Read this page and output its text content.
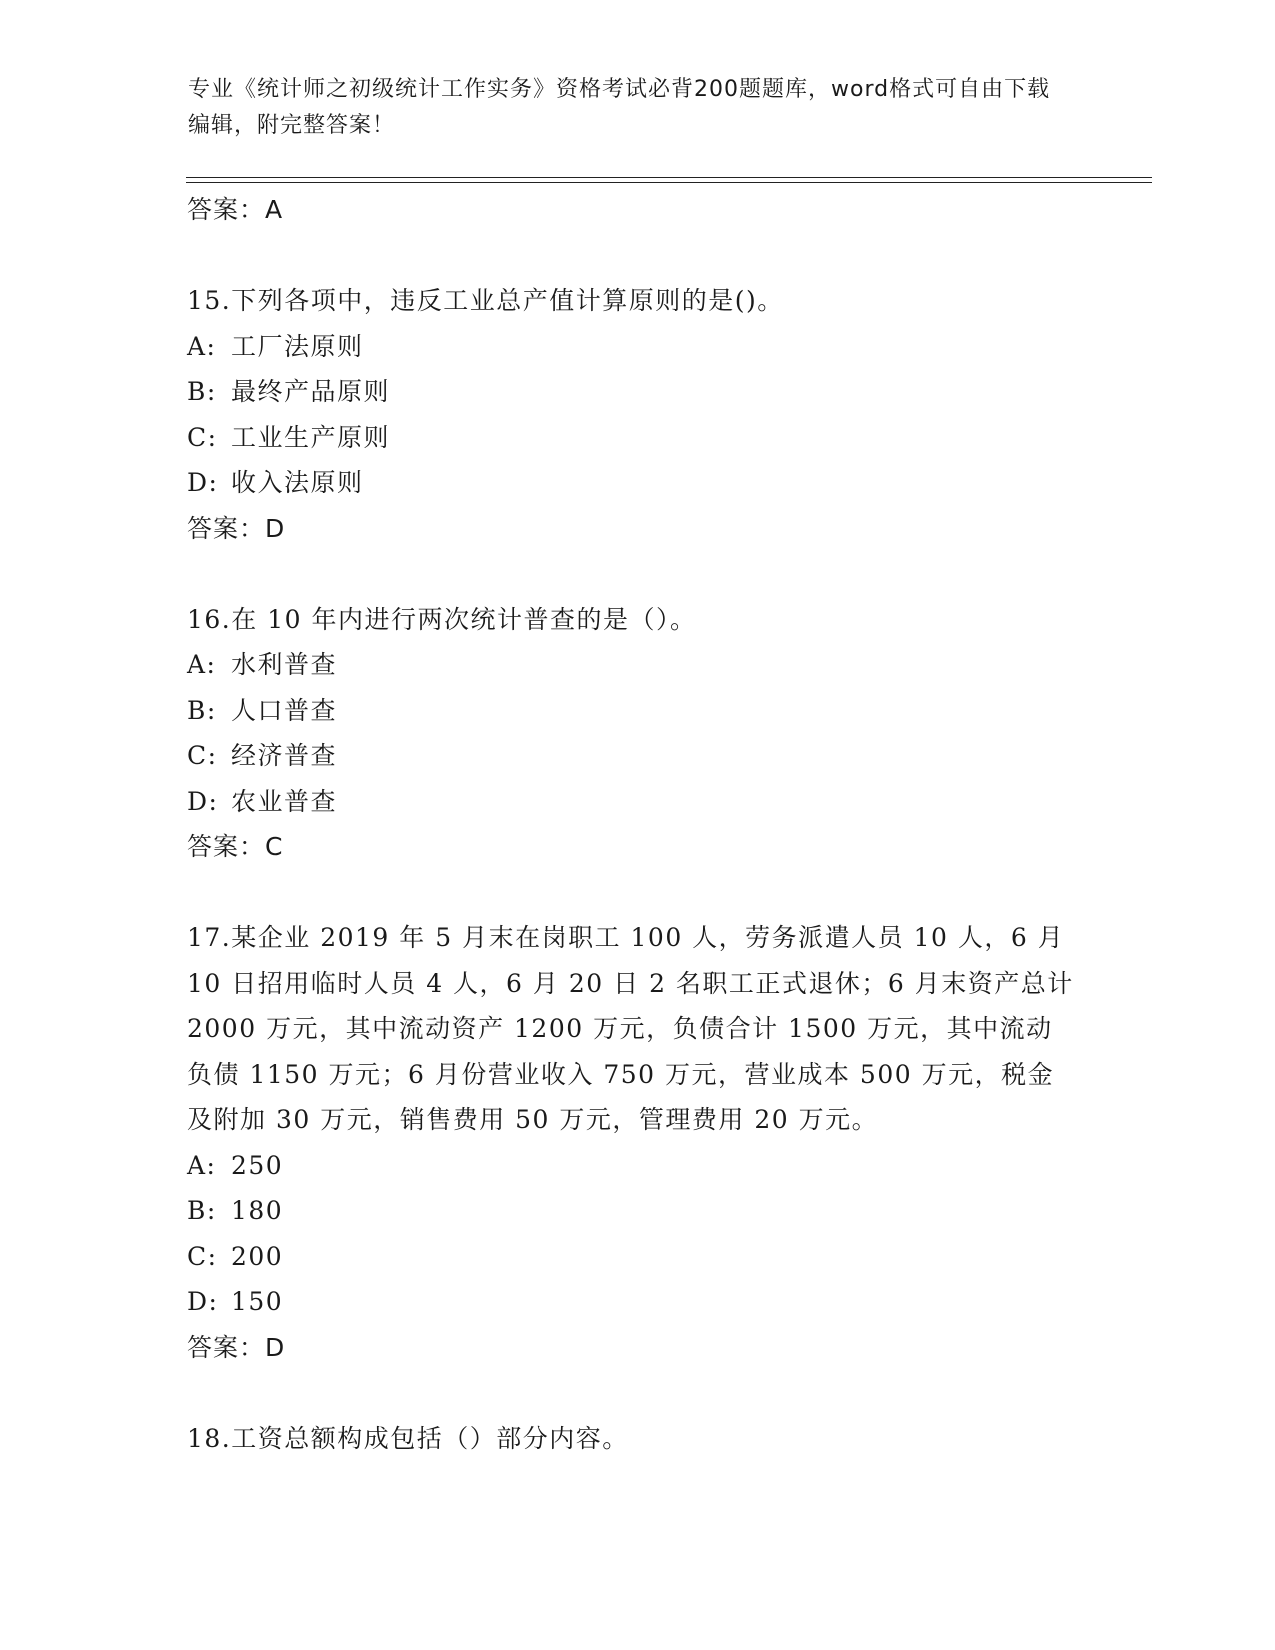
专业《统计师之初级统计工作实务》资格考试必背200题题库，word格式可自由下载编辑，附完整答案！
答案：A
15.下列各项中，违反工业总产值计算原则的是()。
A: 工厂法原则
B: 最终产品原则
C: 工业生产原则
D: 收入法原则
答案：D
16.在 10 年内进行两次统计普查的是（）。
A: 水利普查
B: 人口普查
C: 经济普查
D: 农业普查
答案：C
17.某企业 2019 年 5 月末在岗职工 100 人，劳务派遣人员 10 人，6 月 10 日招用临时人员 4 人，6 月 20 日 2 名职工正式退休；6 月末资产总计 2000 万元，其中流动资产 1200 万元，负债合计 1500 万元，其中流动负债 1150 万元；6 月份营业收入 750 万元，营业成本 500 万元，税金及附加 30 万元，销售费用 50 万元，管理费用 20 万元。
A: 250
B: 180
C: 200
D: 150
答案：D
18.工资总额构成包括（）部分内容。
